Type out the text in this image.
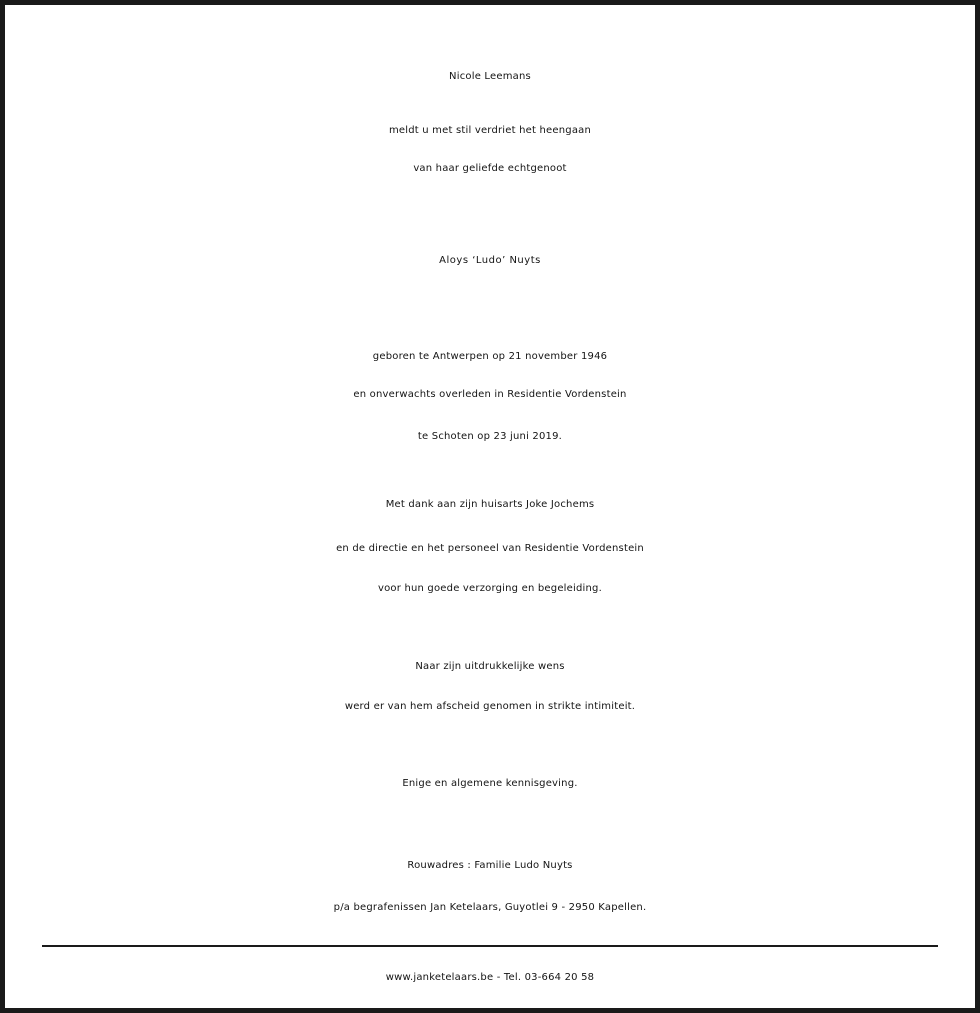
Nicole Leemans
meldt u met stil verdriet het heengaan
van haar geliefde echtgenoot
Aloys ‘Ludo’ Nuyts
geboren te Antwerpen op 21 november 1946
en onverwachts overleden in Residentie Vordenstein
te Schoten op 23 juni 2019.
Met dank aan zijn huisarts Joke Jochems
en de directie en het personeel van Residentie Vordenstein
voor hun goede verzorging en begeleiding.
Naar zijn uitdrukkelijke wens
werd er van hem afscheid genomen in strikte intimiteit.
Enige en algemene kennisgeving.
Rouwadres : Familie Ludo Nuyts
p/a begrafenissen Jan Ketelaars, Guyotlei 9 - 2950 Kapellen.
www.janketelaars.be - Tel. 03-664 20 58
